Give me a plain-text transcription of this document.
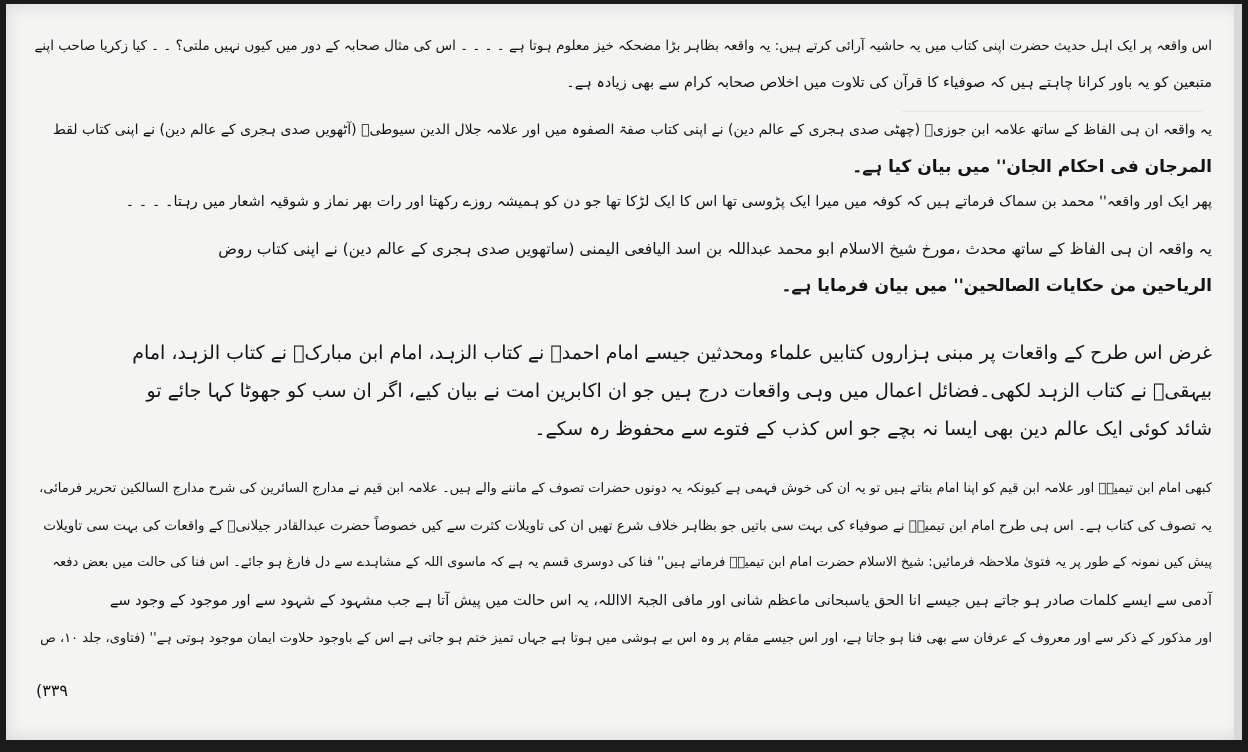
ـــــــــــــــــــــــــــــــــــــــــــــــــــــــــــــــــــــــــ
اس واقعہ پر ایک اہل حدیث حضرت اپنی کتاب میں یہ حاشیہ آرائی کرتے ہیں: یہ واقعہ بظاہر بڑا مضحکہ خیز معلوم ہوتا ہے ۔ ۔ ۔ ۔ اس کی مثال صحابہ کے دور میں کیوں نہیں ملتی؟ ۔ ۔ کیا زکریا صاحب اپنے
متبعین کو یہ باور کرانا چاہتے ہیں کہ صوفیاء کا قرآن کی تلاوت میں اخلاص صحابہ کرام سے بھی زیادہ ہے۔
یہ واقعہ ان ہی الفاظ کے ساتھ علامہ ابن جوزیؒ (چھٹی صدی ہجری کے عالم دین) نے اپنی کتاب صفۃ الصفوہ میں اور علامہ جلال الدین سیوطیؒ (آٹھویں صدی ہجری کے عالم دین) نے اپنی کتاب لقط
المرجان فی احکام الجان'' میں بیان کیا ہے۔
پھر ایک اور واقعہ'' محمد بن سماک فرماتے ہیں کہ کوفہ میں میرا ایک پڑوسی تھا اس کا ایک لڑکا تھا جو دن کو ہمیشہ روزے رکھتا اور رات بھر نماز و شوقیہ اشعار میں رہتا۔ ۔ ۔ ۔
یہ واقعہ ان ہی الفاظ کے ساتھ محدث ،مورخ شیخ الاسلام ابو محمد عبداللہ بن اسد الیافعی الیمنی (ساتھویں صدی ہجری کے عالم دین) نے اپنی کتاب روض
الریاحین من حکایات الصالحین'' میں بیان فرمایا ہے۔
غرض اس طرح کے واقعات پر مبنی ہزاروں کتابیں علماء ومحدثین جیسے امام احمدؒ نے کتاب الزہد، امام ابن مبارکؒ نے کتاب الزہد، امام
بیہقیؒ نے کتاب الزہد لکھی۔فضائل اعمال میں وہی واقعات درج ہیں جو ان اکابرین امت نے بیان کیے، اگر ان سب کو جھوٹا کہا جائے تو
شائد کوئی ایک عالم دین بھی ایسا نہ بچے جو اس کذب کے فتوے سے محفوظ رہ سکے۔
کبھی امام ابن تیمیہؒ اور علامہ ابن قیم کو اپنا امام بتاتے ہیں تو یہ ان کی خوش فہمی ہے کیونکہ یہ دونوں حضرات تصوف کے ماننے والے ہیں۔ علامہ ابن قیم نے مدارج السائرین کی شرح مدارج السالکین تحریر فرمائی،
یہ تصوف کی کتاب ہے۔ اس ہی طرح امام ابن تیمیہؒ نے صوفیاء کی بہت سی باتیں جو بظاہر خلاف شرع تھیں ان کی تاویلات کثرت سے کیں خصوصاً حضرت عبدالقادر جیلانیؒ کے واقعات کی بہت سی تاویلات
پیش کیں نمونہ کے طور پر یہ فتویٰ ملاحظہ فرمائیں: شیخ الاسلام حضرت امام ابن تیمیہؒ فرماتے ہیں'' فنا کی دوسری قسم یہ ہے کہ ماسوی اللہ کے مشاہدے سے دل فارغ ہو جائے۔ اس فنا کی حالت میں بعض دفعہ
آدمی سے ایسے کلمات صادر ہو جاتے ہیں جیسے انا الحق یاسبحانی ماعظم شانی اور مافی الجبۃ الااللہ، یہ اس حالت میں پیش آتا ہے جب مشہود کے شہود سے اور موجود کے وجود سے
اور مذکور کے ذکر سے اور معروف کے عرفان سے بھی فنا ہو جاتا ہے، اور اس جیسے مقام پر وہ اس بے ہوشی میں ہوتا ہے جہاں تمیز ختم ہو جاتی ہے اس کے باوجود حلاوت ایمان موجود ہوتی ہے'' (فتاوی، جلد ۱۰، ص
(۳۳۹
